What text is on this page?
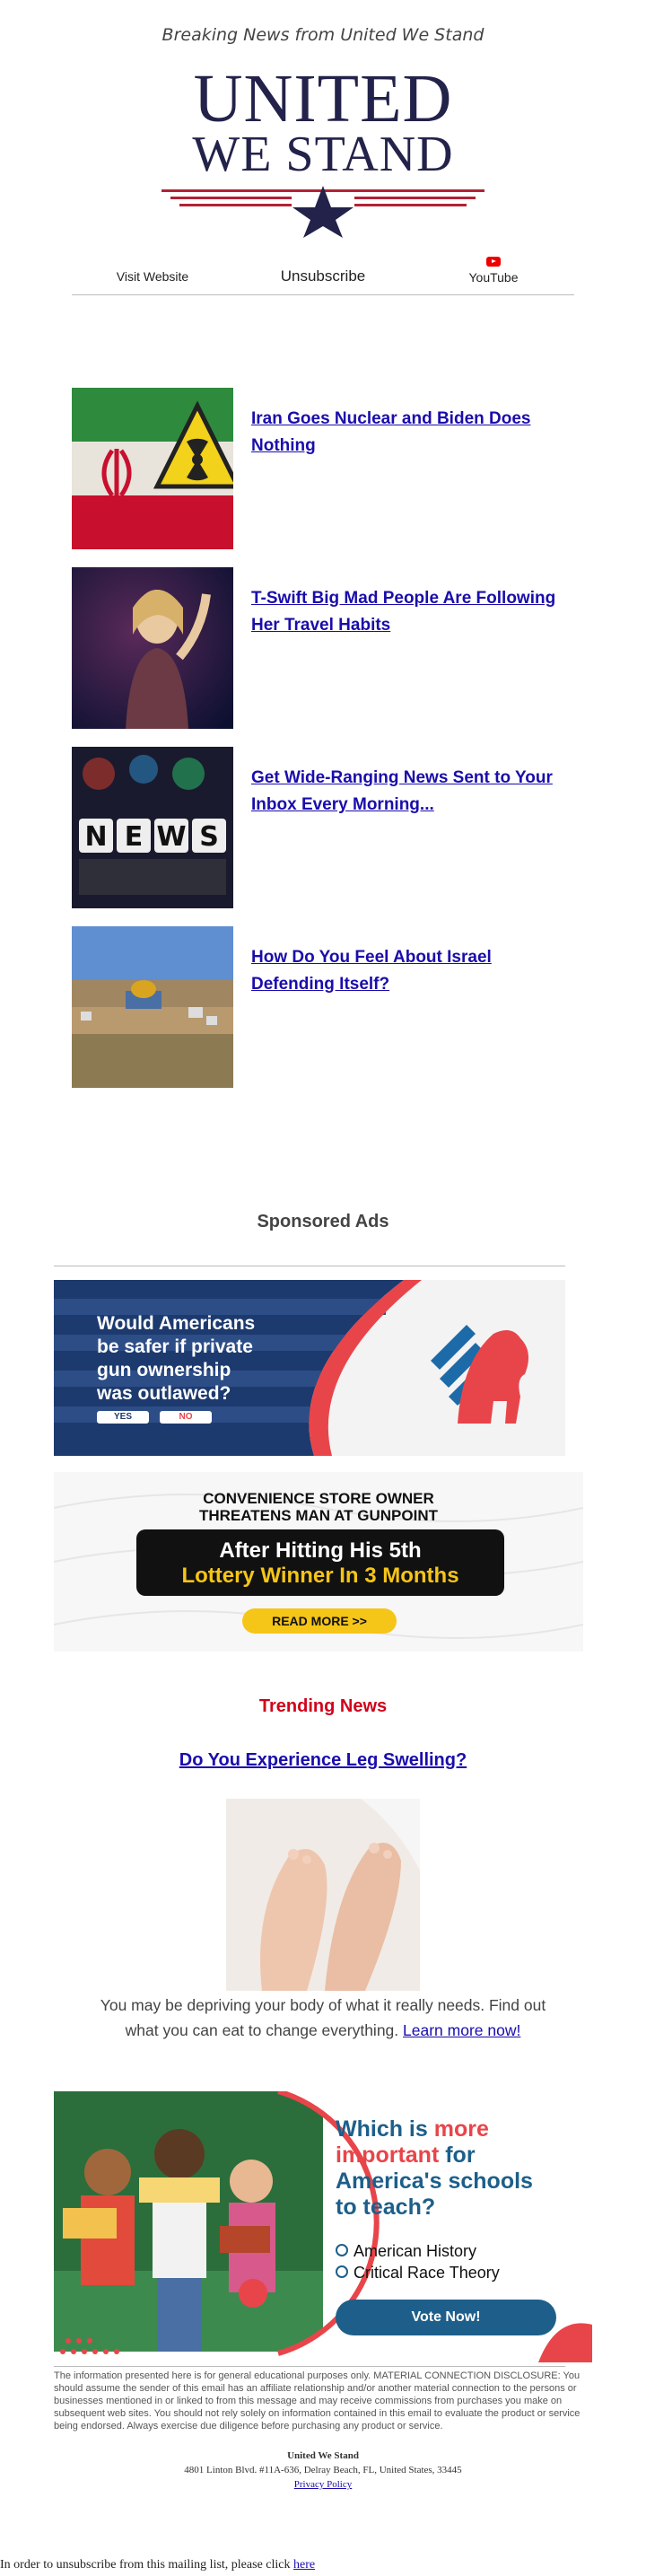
Breaking News from United We Stand
UNITED
WE STAND
Visit Website	Unsubscribe	YouTube
Iran Goes Nuclear and Biden Does Nothing
T-Swift Big Mad People Are Following Her Travel Habits
N E W S
Get Wide-Ranging News Sent to Your Inbox Every Morning...
How Do You Feel About Israel Defending Itself?
Sponsored Ads
Would Americans
be safer if private
gun ownership
was outlawed?
YES	NO
CONVENIENCE STORE OWNER
THREATENS MAN AT GUNPOINT
After Hitting His 5th
Lottery Winner In 3 Months
READ MORE >>
Trending News
Do You Experience Leg Swelling?
You may be depriving your body of what it really needs. Find out what you can eat to change everything. Learn more now!
Which is more
important for
America's schools
to teach?
American History
Critical Race Theory
Vote Now!
The information presented here is for general educational purposes only. MATERIAL CONNECTION DISCLOSURE: You should assume the sender of this email has an affiliate relationship and/or another material connection to the persons or businesses mentioned in or linked to from this message and may receive commissions from purchases you make on subsequent web sites. You should not rely solely on information contained in this email to evaluate the product or service being endorsed. Always exercise due diligence before purchasing any product or service.
United We Stand
4801 Linton Blvd. #11A-636, Delray Beach, FL, United States, 33445
Privacy Policy
In order to unsubscribe from this mailing list, please click here
